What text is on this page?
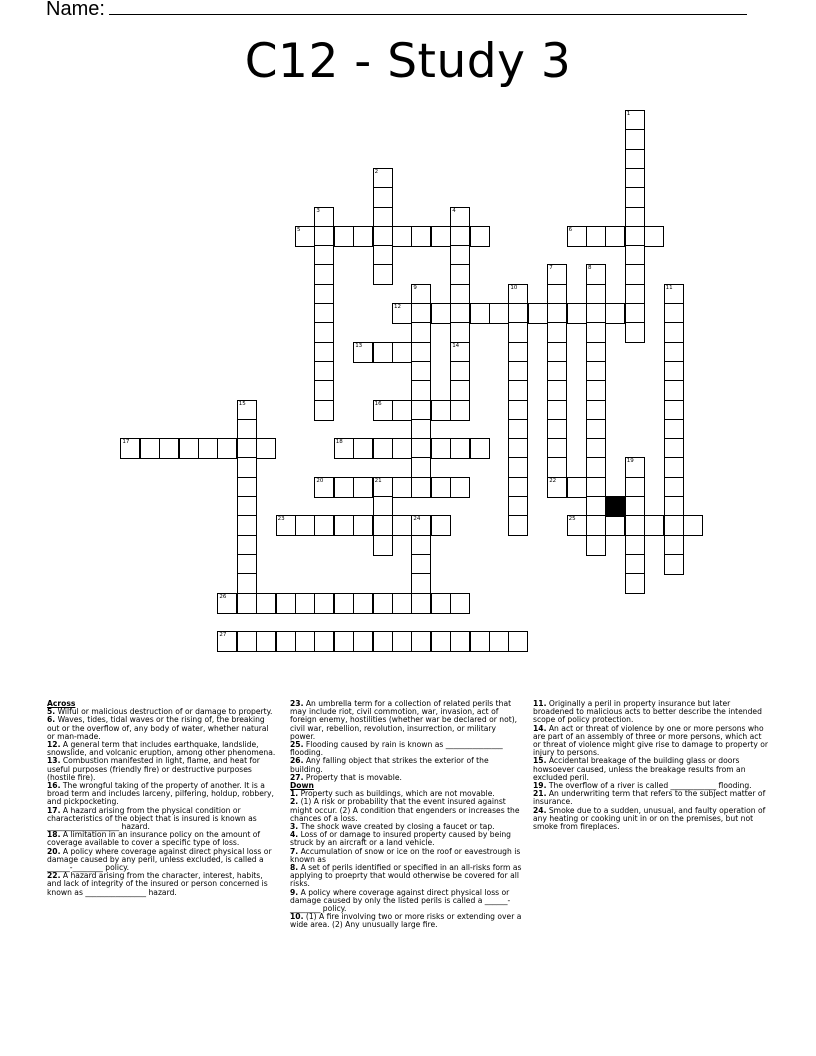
Name:
C12 - Study 3
1
2
3	4
14
5	6
7	8
9	10	11
12
13
15	16
17	18
19
20	21	22
23	24	25
26
27

Across

5. Wilful or malicious destruction of or damage to property.

6. Waves, tides, tidal waves or the rising of, the breaking out or the overflow of, any body of water, whether natural or man-made.

12. A general term that includes earthquake, landslide, snowslide, and volcanic eruption, among other phenomena.

13. Combustion manifested in light, flame, and heat for useful purposes (friendly fire) or destructive purposes (hostile fire).

16. The wrongful taking of the property of another. It is a broad term and includes larceny, pilfering, holdup, robbery, and pickpocketing.

17. A hazard arising from the physical condition or characteristics of the object that is insured is known as ___________________ hazard.

18. A limitation in an insurance policy on the amount of coverage available to cover a specific type of loss.

20. A policy where coverage against direct physical loss or damage caused by any peril, unless excluded, is called a ______-________ policy.

22. A hazard arising from the character, interest, habits, and lack of integrity of the insured or person concerned is known as ________________ hazard.

23. An umbrella term for a collection of related perils that may include riot, civil commotion, war, invasion, act of foreign enemy, hostilities (whether war be declared or not), civil war, rebellion, revolution, insurrection, or military power.

25. Flooding caused by rain is known as _______________ flooding.

26. Any falling object that strikes the exterior of the building.

27. Property that is movable.

Down

1. Property such as buildings, which are not movable.

2. (1) A risk or probability that the event insured against might occur. (2) A condition that engenders or increases the chances of a loss.

3. The shock wave created by closing a faucet or tap.

4. Loss of or damage to insured property caused by being struck by an aircraft or a land vehicle.

7. Accumulation of snow or ice on the roof or eavestrough is known as

8. A set of perils identified or specified in an all-risks form as applying to proeprty that would otherwise be covered for all risks.

9. A policy where coverage against direct physical loss or damage caused by only the listed perils is called a ______-________ policy.

10. (1) A fire involving two or more risks or extending over a wide area. (2) Any unusually large fire.

11. Originally a peril in property insurance but later broadened to malicious acts to better describe the intended scope of policy protection.

14. An act or threat of violence by one or more persons who are part of an assembly of three or more persons, which act or threat of violence might give rise to damage to property or injury to persons.

15. Accidental breakage of the building glass or doors howsoever caused, unless the breakage results from an excluded peril.

19. The overflow of a river is called ____________ flooding.

21. An underwriting term that refers to the subject matter of insurance.

24. Smoke due to a sudden, unusual, and faulty operation of any heating or cooking unit in or on the premises, but not smoke from fireplaces.
